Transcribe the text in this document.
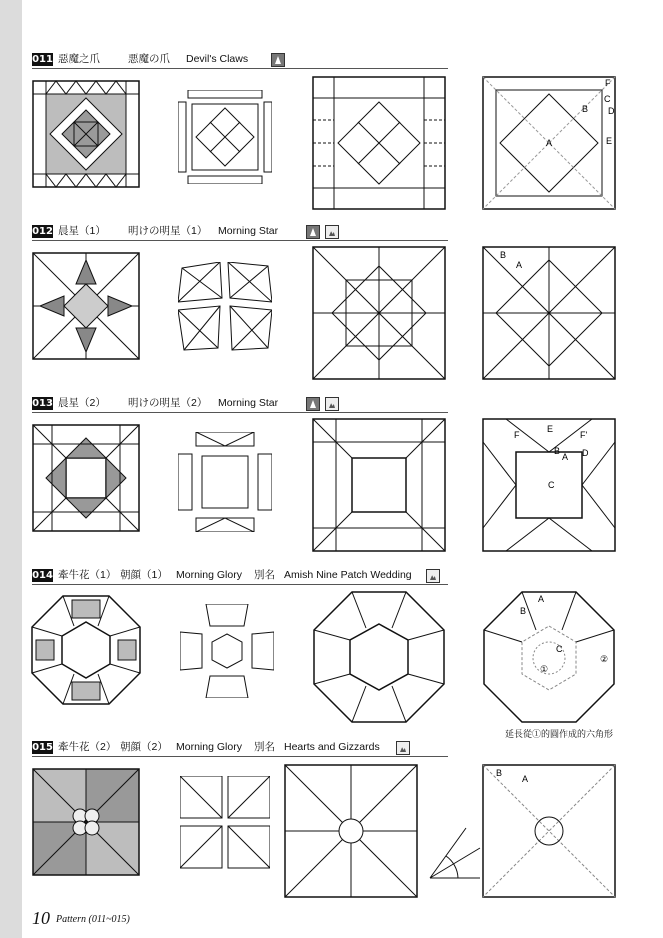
011 惡魔之爪	悪魔の爪 Devil's Claws
F
C
B D
A	E
012 晨星（1） 明けの明星（1） Morning Star
B
A
013 晨星（2） 明けの明星（2） Morning Star
F
E
F'
B
A D
C
014 牽牛花（1） 朝顔（1） Morning Glory 別名 Amish Nine Patch Wedding
A
B
C
①
②
延長從①的圓作成的六角形
015 牽牛花（2） 朝顔（2） Morning Glory 別名 Hearts and Gizzards
B
A
10 Pattern (011~015)
